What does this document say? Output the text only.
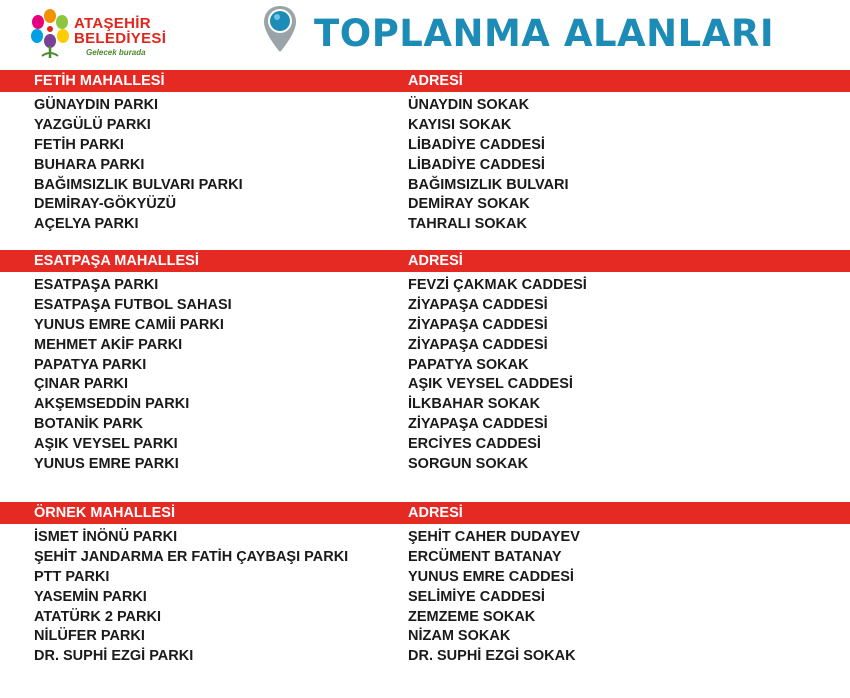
ATAŞEHİR
BELEDİYESİ
Gelecek burada	TOPLANMA ALANLARI
FETİH MAHALLESİ	ADRESİ
GÜNAYDIN PARKI	ÜNAYDIN SOKAK
YAZGÜLÜ PARKI	KAYISI SOKAK
FETİH PARKI	LİBADİYE CADDESİ
BUHARA PARKI	LİBADİYE CADDESİ
BAĞIMSIZLIK BULVARI PARKI	BAĞIMSIZLIK BULVARI
DEMİRAY-GÖKYÜZÜ	DEMİRAY SOKAK
AÇELYA PARKI	TAHRALI SOKAK
ESATPAŞA MAHALLESİ	ADRESİ
ESATPAŞA PARKI	FEVZİ ÇAKMAK CADDESİ
ESATPAŞA FUTBOL SAHASI	ZİYAPAŞA CADDESİ
YUNUS EMRE CAMİİ PARKI	ZİYAPAŞA CADDESİ
MEHMET AKİF PARKI	ZİYAPAŞA CADDESİ
PAPATYA PARKI	PAPATYA SOKAK
ÇINAR PARKI	AŞIK VEYSEL CADDESİ
AKŞEMSEDDİN PARKI	İLKBAHAR SOKAK
BOTANİK PARK	ZİYAPAŞA CADDESİ
AŞIK VEYSEL PARKI	ERCİYES CADDESİ
YUNUS EMRE PARKI	SORGUN SOKAK
ÖRNEK MAHALLESİ	ADRESİ
İSMET İNÖNÜ PARKI	ŞEHİT CAHER DUDAYEV
ŞEHİT JANDARMA ER FATİH ÇAYBAŞI PARKI	ERCÜMENT BATANAY
PTT PARKI	YUNUS EMRE CADDESİ
YASEMİN PARKI	SELİMİYE CADDESİ
ATATÜRK 2 PARKI	ZEMZEME SOKAK
NİLÜFER PARKI	NİZAM SOKAK
DR. SUPHİ EZGİ PARKI	DR. SUPHİ EZGİ SOKAK
